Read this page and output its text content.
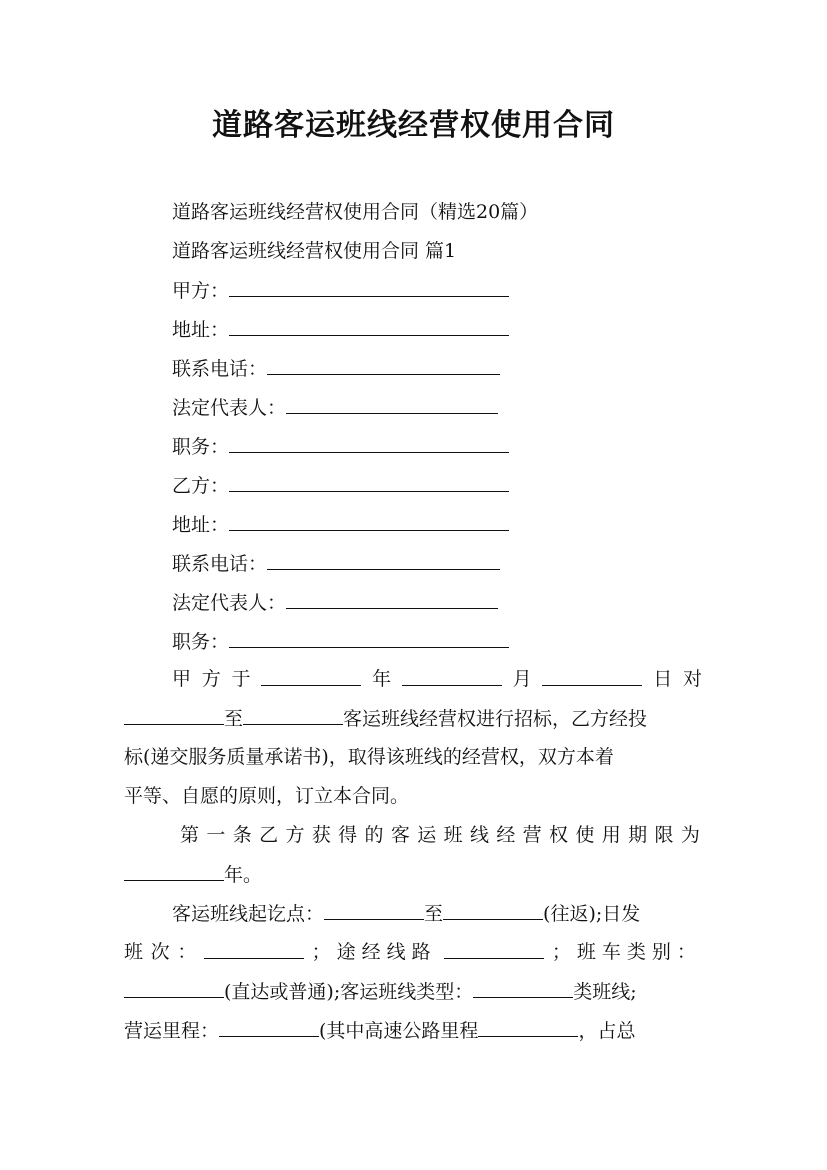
道路客运班线经营权使用合同
道路客运班线经营权使用合同（精选20篇）
道路客运班线经营权使用合同 篇1
甲方：
地址：
联系电话：
法定代表人：
职务：
乙方：
地址：
联系电话：
法定代表人：
职务：
甲 方 于	年	月	日 对
至	客运班线经营权进行招标，乙方经投
标(递交服务质量承诺书)，取得该班线的经营权，双方本着
平等、自愿的原则，订立本合同。
第 一 条 乙 方 获 得 的 客 运 班 线 经 营 权 使 用 期 限 为
年。
客运班线起讫点：	至	(往返);日发
班 次 ：	；途经线路	；班车类别：
(直达或普通);客运班线类型：	类班线;
营运里程：	(其中高速公路里程	，占总
